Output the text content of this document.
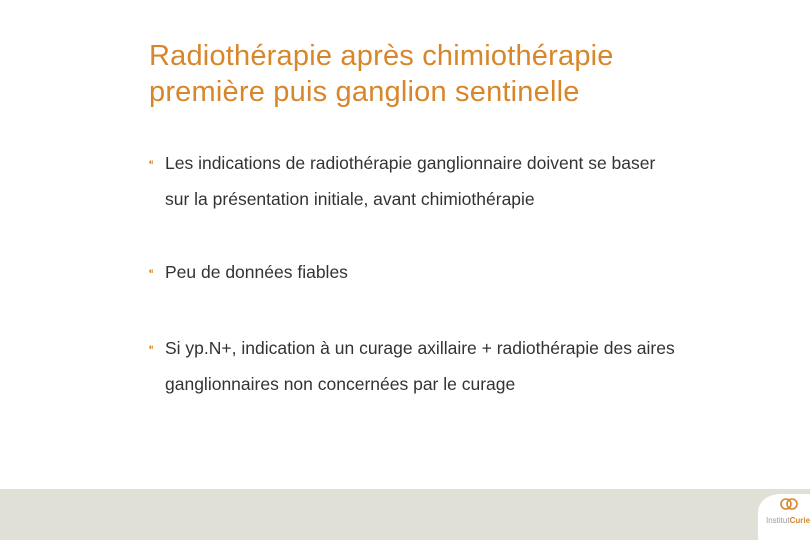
Radiothérapie après chimiothérapie
première puis ganglion sentinelle
⁌ Les indications de radiothérapie ganglionnaire doivent se baser
sur la présentation initiale, avant chimiothérapie
⁌ Peu de données fiables
⁌ Si yp.N+, indication à un curage axillaire + radiothérapie des aires
ganglionnaires non concernées par le curage
InstitutCurie
